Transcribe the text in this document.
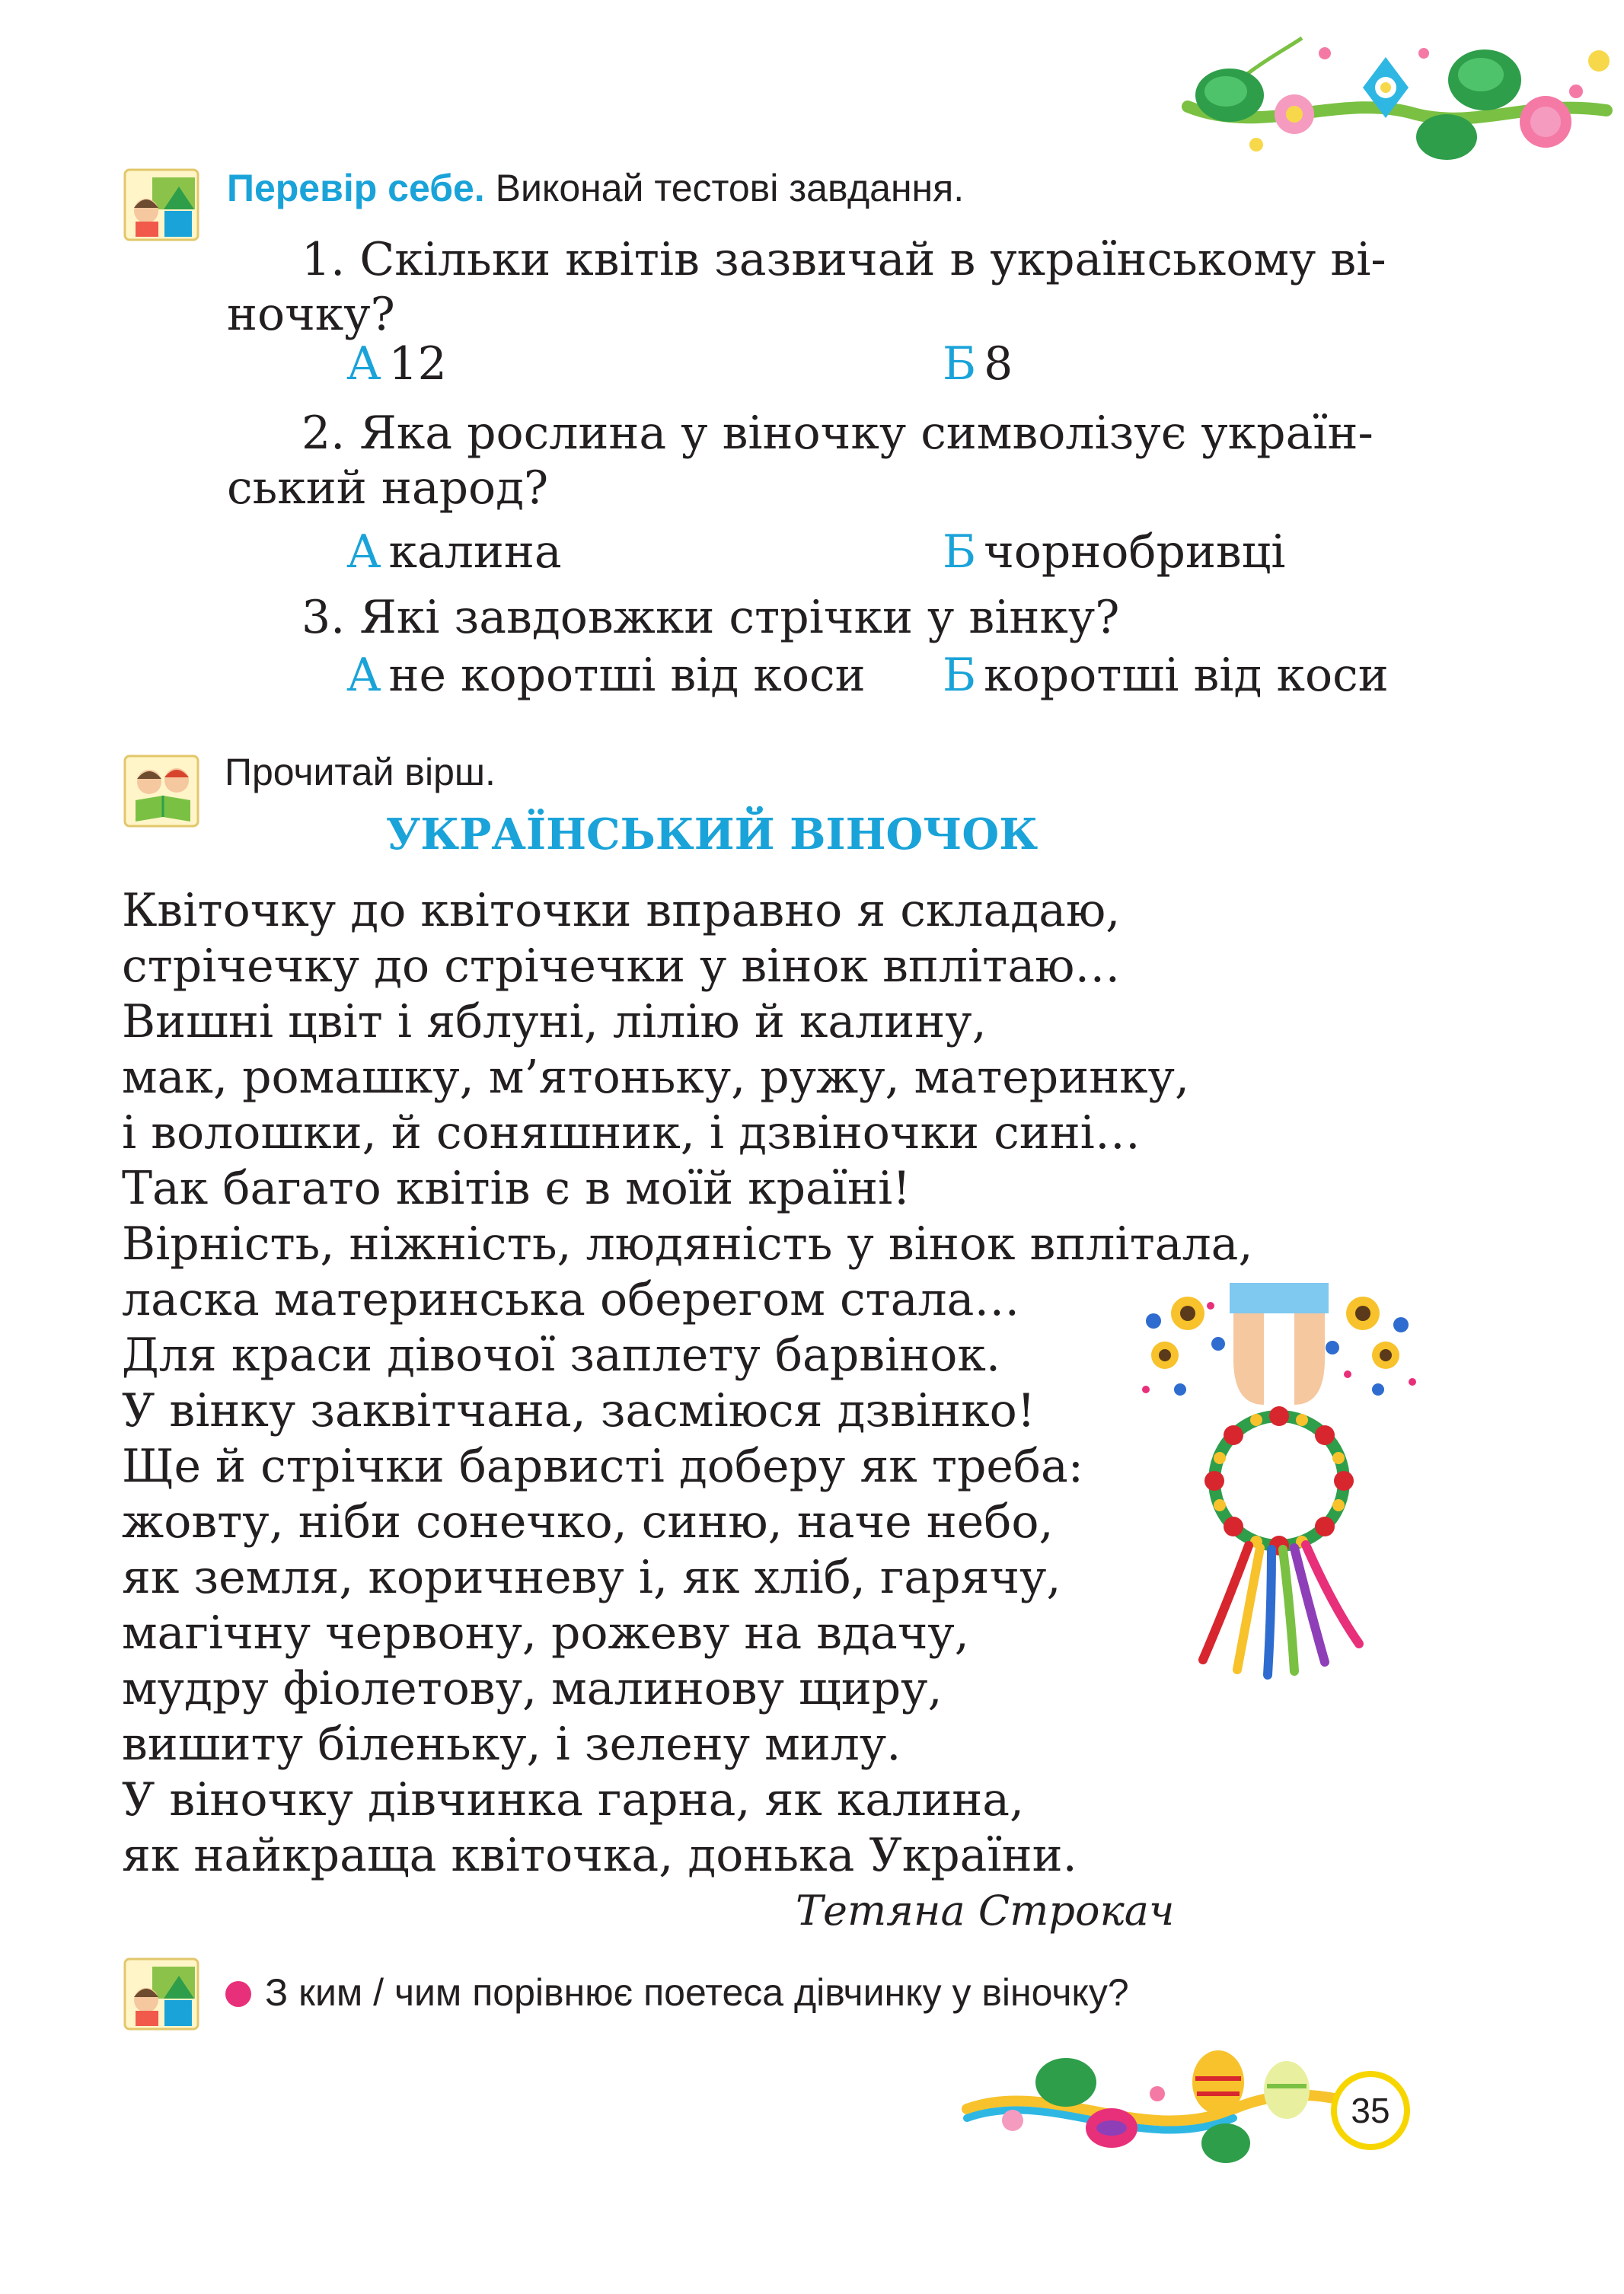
Перевір себе. Виконай тестові завдання.
1. Скільки квітів зазвичай в українському ві-
ночку?
А 12	Б 8
2. Яка рослина у віночку символізує україн-
ський народ?
А калина	Б чорнобривці
3. Які завдовжки стрічки у вінку?
А не коротші від коси Б коротші від коси
Прочитай вірш.
УКРАЇНСЬКИЙ ВІНОЧОК
Квіточку до квіточки вправно я складаю,
стрічечку до стрічечки у вінок вплітаю…
Вишні цвіт і яблуні, лілію й калину,
мак, ромашку, м’ятоньку, ружу, материнку,
і волошки, й соняшник, і дзвіночки сині…
Так багато квітів є в моїй країні!
Вірність, ніжність, людяність у вінок вплітала,
ласка материнська оберегом стала…
Для краси дівочої заплету барвінок.
У вінку заквітчана, засміюся дзвінко!
Ще й стрічки барвисті доберу як треба:
жовту, ніби сонечко, синю, наче небо,
як земля, коричневу і, як хліб, гарячу,
магічну червону, рожеву на вдачу,
мудру фіолетову, малинову щиру,
вишиту біленьку, і зелену милу.
У віночку дівчинка гарна, як калина,
як найкраща квіточка, донька України.
Тетяна Строкач
З ким / чим порівнює поетеса дівчинку у віночку?
35
